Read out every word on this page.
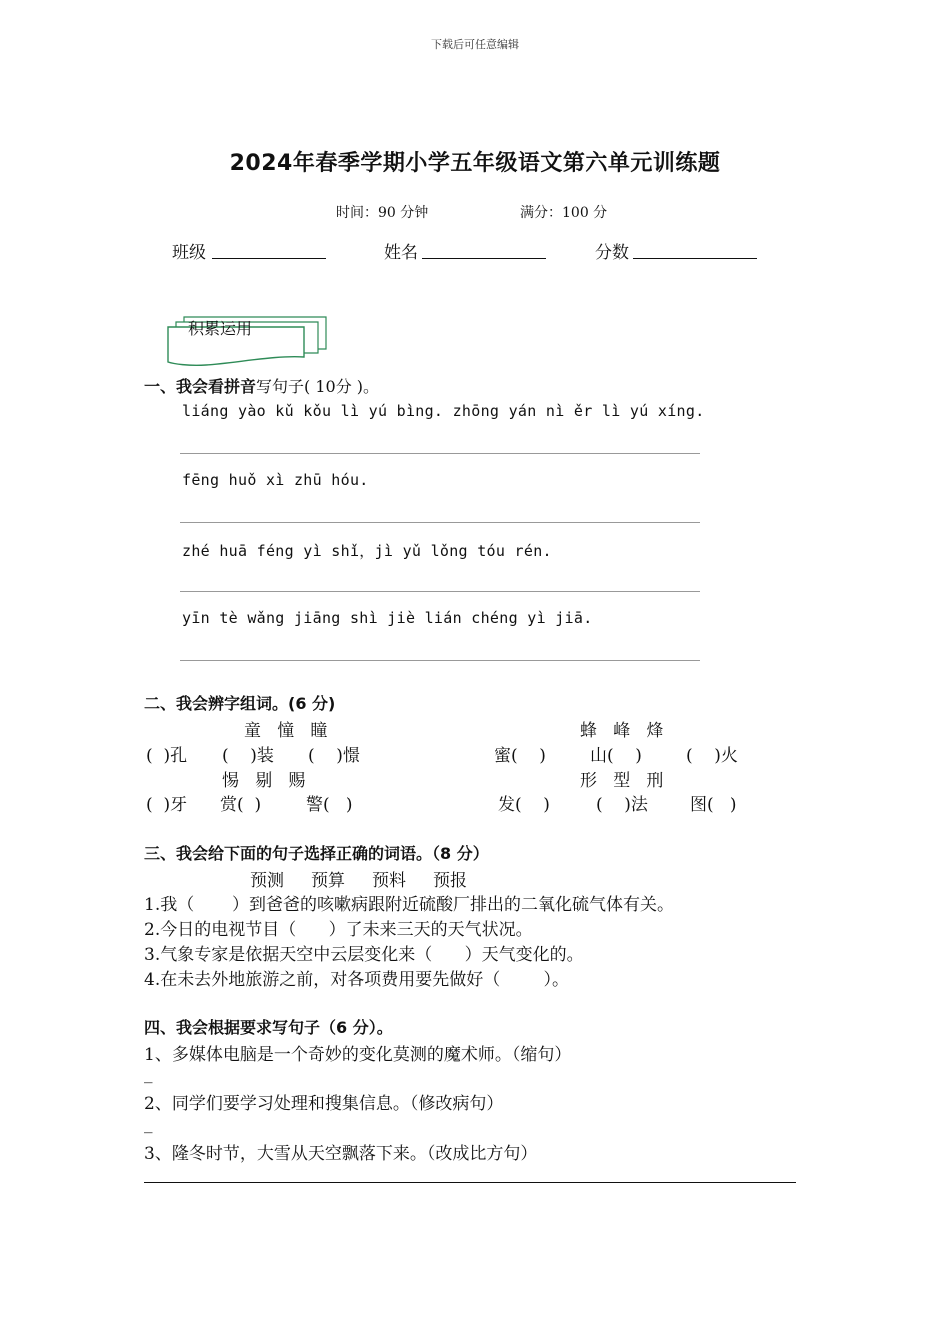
下载后可任意编辑
2024年春季学期小学五年级语文第六单元训练题
时间：90 分钟	满分：100 分
班级	姓名	分数

积累运用

一、我会看拼音写句子( 10分 )。
liáng yào kǔ kǒu lì yú bìng. zhōng yán nì ěr lì yú xíng.
fēng huǒ xì zhū hóu.
zhé huā féng yì shǐ，jì yǔ lǒng tóu rén.
yīn tè wǎng jiāng shì jiè lián chéng yì jiā.
二、我会辨字组词。(6 分)
童   憧   瞳	蜂   峰   烽
(  )孔 (    )装 (    )憬	蜜(    )	山(    )	(    )火
惕   剔   赐	形   型   刑
(  )牙 赏(  )	警(   )	发(    )	(    )法 图(   )
三、我会给下面的句子选择正确的词语。（8 分）
预测     预算     预料     预报
1.我（       ）到爸爸的咳嗽病跟附近硫酸厂排出的二氧化硫气体有关。
2.今日的电视节目（      ）了未来三天的天气状况。
3.气象专家是依据天空中云层变化来（      ）天气变化的。
4.在未去外地旅游之前，对各项费用要先做好（        ）。
四、我会根据要求写句子（6 分）。
1、多媒体电脑是一个奇妙的变化莫测的魔术师。（缩句）
_
2、同学们要学习处理和搜集信息。（修改病句）
_
3、隆冬时节，大雪从天空飘落下来。（改成比方句）
